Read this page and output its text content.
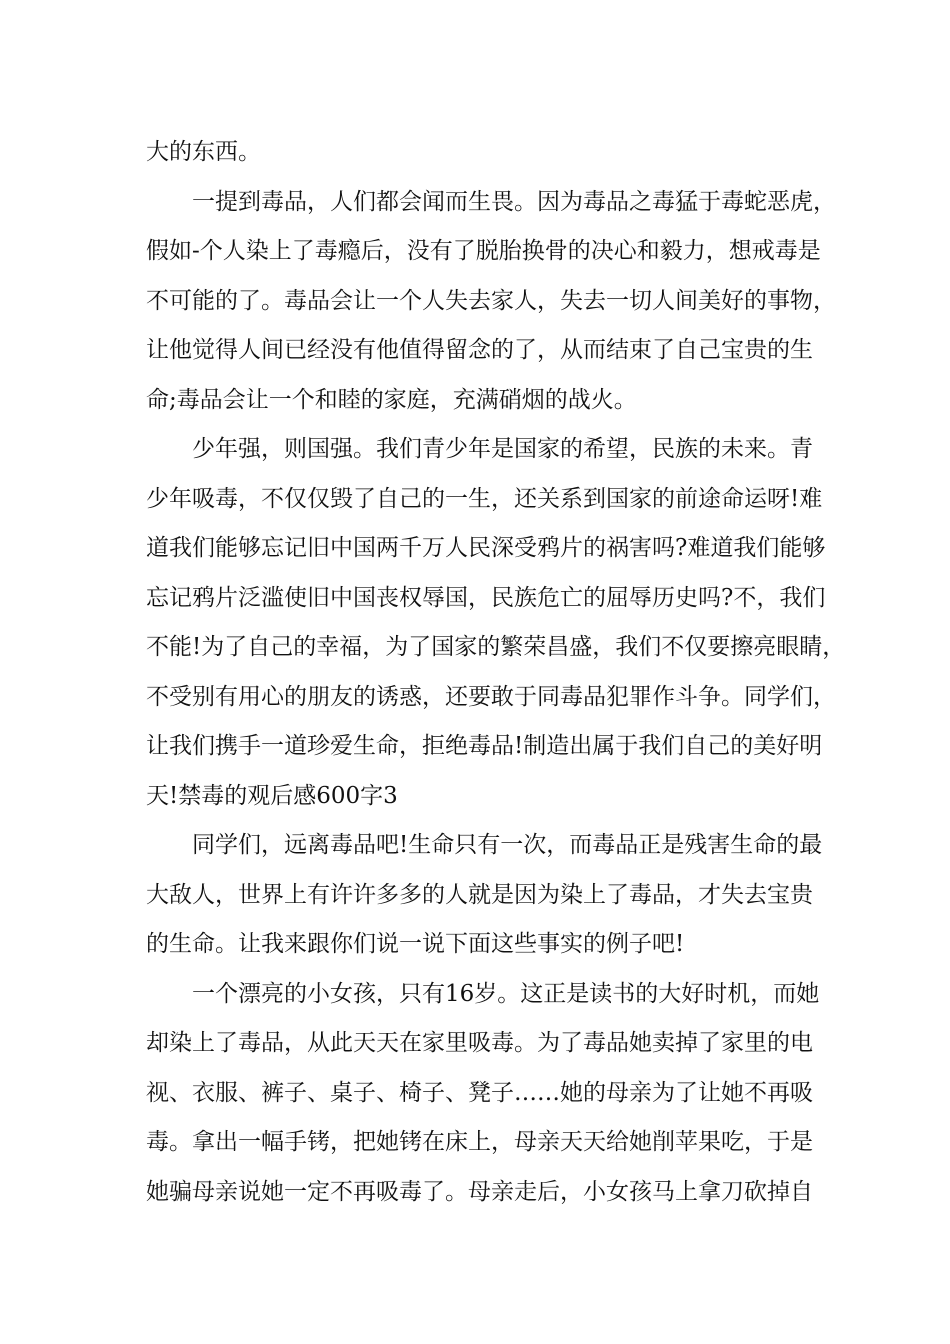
大的东西。
　　一提到毒品，人们都会闻而生畏。因为毒品之毒猛于毒蛇恶虎，
假如-个人染上了毒瘾后，没有了脱胎换骨的决心和毅力，想戒毒是
不可能的了。毒品会让一个人失去家人，失去一切人间美好的事物，
让他觉得人间已经没有他值得留念的了，从而结束了自己宝贵的生
命;毒品会让一个和睦的家庭，充满硝烟的战火。
　　少年强，则国强。我们青少年是国家的希望，民族的未来。青
少年吸毒，不仅仅毁了自己的一生，还关系到国家的前途命运呀!难
道我们能够忘记旧中国两千万人民深受鸦片的祸害吗?难道我们能够
忘记鸦片泛滥使旧中国丧权辱国，民族危亡的屈辱历史吗?不，我们
不能!为了自己的幸福，为了国家的繁荣昌盛，我们不仅要擦亮眼睛，
不受别有用心的朋友的诱惑，还要敢于同毒品犯罪作斗争。同学们，
让我们携手一道珍爱生命，拒绝毒品!制造出属于我们自己的美好明
天!禁毒的观后感600字3
　　同学们，远离毒品吧!生命只有一次，而毒品正是残害生命的最
大敌人，世界上有许许多多的人就是因为染上了毒品，才失去宝贵
的生命。让我来跟你们说一说下面这些事实的例子吧!
　　一个漂亮的小女孩，只有16岁。这正是读书的大好时机，而她
却染上了毒品，从此天天在家里吸毒。为了毒品她卖掉了家里的电
视、衣服、裤子、桌子、椅子、凳子……她的母亲为了让她不再吸
毒。拿出一幅手铐，把她铐在床上，母亲天天给她削苹果吃，于是
她骗母亲说她一定不再吸毒了。母亲走后，小女孩马上拿刀砍掉自
